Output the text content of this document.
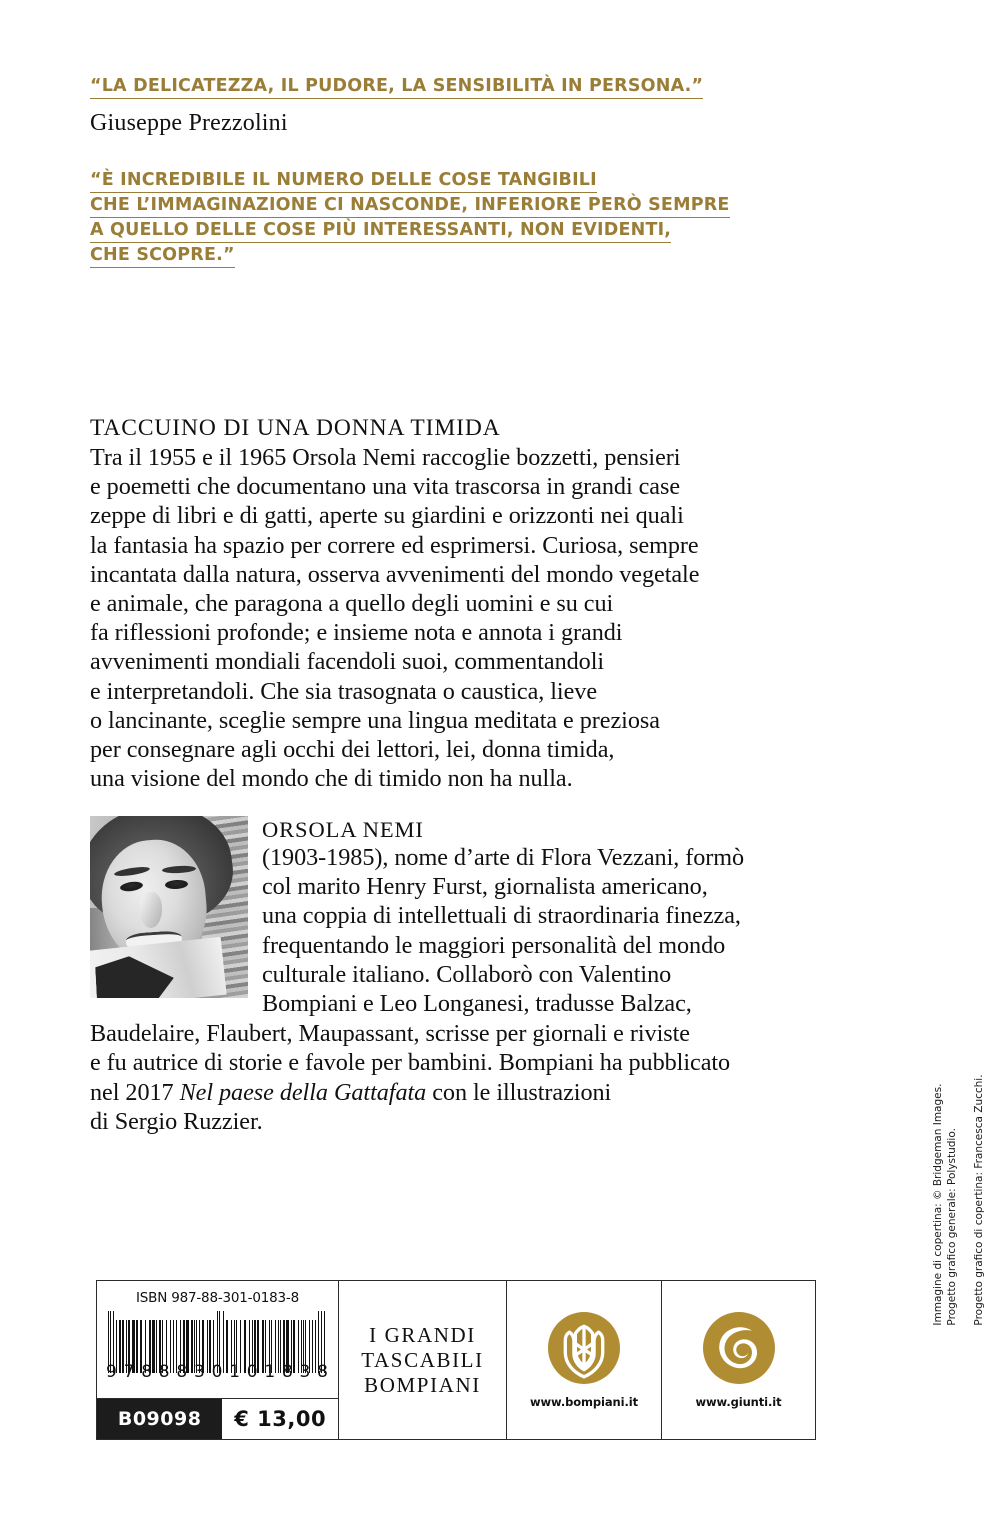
“LA DELICATEZZA, IL PUDORE, LA SENSIBILITÀ IN PERSONA.”
Giuseppe Prezzolini
“È INCREDIBILE IL NUMERO DELLE COSE TANGIBILI
CHE L’IMMAGINAZIONE CI NASCONDE, INFERIORE PERÒ SEMPRE
A QUELLO DELLE COSE PIÙ INTERESSANTI, NON EVIDENTI,
CHE SCOPRE.”
TACCUINO DI UNA DONNA TIMIDA
Tra il 1955 e il 1965 Orsola Nemi raccoglie bozzetti, pensieri
e poemetti che documentano una vita trascorsa in grandi case
zeppe di libri e di gatti, aperte su giardini e orizzonti nei quali
la fantasia ha spazio per correre ed esprimersi. Curiosa, sempre
incantata dalla natura, osserva avvenimenti del mondo vegetale
e animale, che paragona a quello degli uomini e su cui
fa riflessioni profonde; e insieme nota e annota i grandi
avvenimenti mondiali facendoli suoi, commentandoli
e interpretandoli. Che sia trasognata o caustica, lieve
o lancinante, sceglie sempre una lingua meditata e preziosa
per consegnare agli occhi dei lettori, lei, donna timida,
una visione del mondo che di timido non ha nulla.
ORSOLA NEMI
(1903-1985), nome d’arte di Flora Vezzani, formò
col marito Henry Furst, giornalista americano,
una coppia di intellettuali di straordinaria finezza,
frequentando le maggiori personalità del mondo
culturale italiano. Collaborò con Valentino
Bompiani e Leo Longanesi, tradusse Balzac,
Baudelaire, Flaubert, Maupassant, scrisse per giornali e riviste
e fu autrice di storie e favole per bambini. Bompiani ha pubblicato
nel 2017 Nel paese della Gattafata con le illustrazioni
di Sergio Ruzzier.
ISBN 987-88-301-0183-8
9 7 8 8 8 3 0 1 0 1 8 3 8
B09098	€ 13,00
I GRANDI
TASCABILI
BOMPIANI
www.bompiani.it	www.giunti.it
Immagine di copertina: © Bridgeman Images. Progetto grafico generale: Polystudio.
Progetto grafico di copertina: Francesca Zucchi.
